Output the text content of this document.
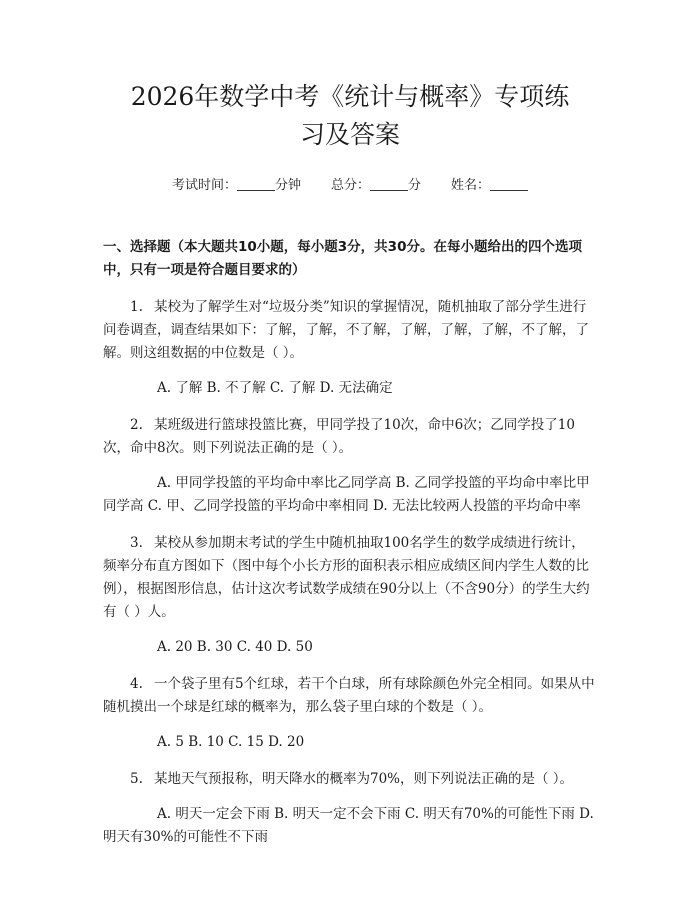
2026年数学中考《统计与概率》专项练习及答案
考试时间：	分钟 总分：	分 姓名：
一、选择题（本大题共10小题，每小题3分，共30分。在每小题给出的四个选项中，只有一项是符合题目要求的）
1. 某校为了解学生对“垃圾分类”知识的掌握情况，随机抽取了部分学生进行问卷调查，调查结果如下：了解，了解，不了解，了解，了解，了解，不了解，了解。则这组数据的中位数是（ ）。
A. 了解 B. 不了解 C. 了解 D. 无法确定
2. 某班级进行篮球投篮比赛，甲同学投了10次，命中6次；乙同学投了10次，命中8次。则下列说法正确的是（ ）。
A. 甲同学投篮的平均命中率比乙同学高 B. 乙同学投篮的平均命中率比甲同学高 C. 甲、乙同学投篮的平均命中率相同 D. 无法比较两人投篮的平均命中率
3. 某校从参加期末考试的学生中随机抽取100名学生的数学成绩进行统计，频率分布直方图如下（图中每个小长方形的面积表示相应成绩区间内学生人数的比例），根据图形信息，估计这次考试数学成绩在90分以上（不含90分）的学生大约有（ ）人。
A. 20 B. 30 C. 40 D. 50
4. 一个袋子里有5个红球，若干个白球，所有球除颜色外完全相同。如果从中随机摸出一个球是红球的概率为，那么袋子里白球的个数是（ ）。
A. 5 B. 10 C. 15 D. 20
5. 某地天气预报称，明天降水的概率为70%，则下列说法正确的是（ ）。
A. 明天一定会下雨 B. 明天一定不会下雨 C. 明天有70%的可能性下雨 D. 明天有30%的可能性不下雨
